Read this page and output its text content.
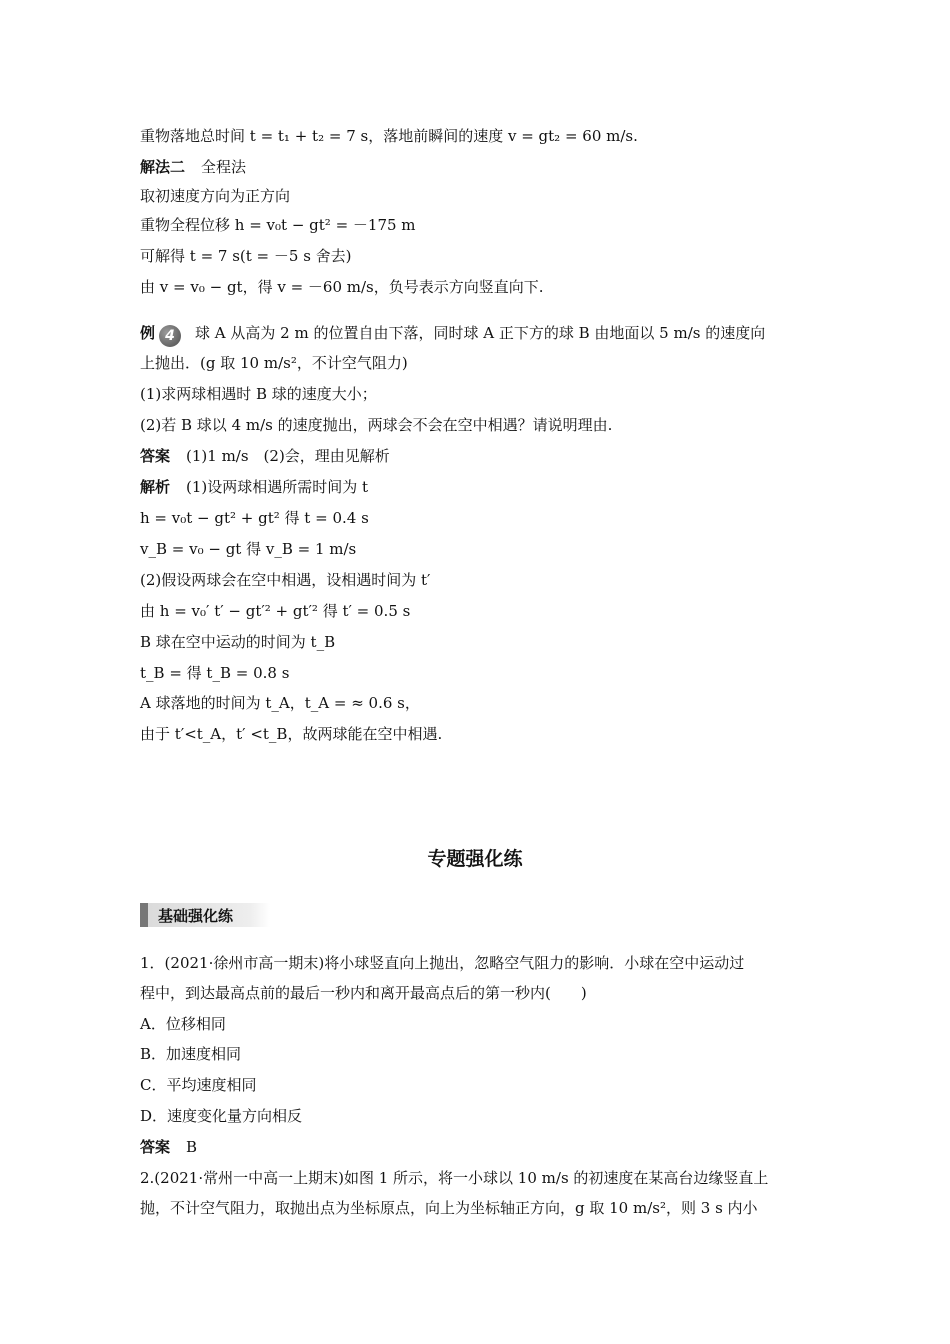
重物落地总时间 t = t₁ + t₂ = 7 s，落地前瞬间的速度 v = gt₂ = 60 m/s.
解法二 全程法
取初速度方向为正方向
重物全程位移 h = v₀t − gt² = －175 m
可解得 t = 7 s(t = －5 s 舍去)
由 v = v₀ − gt，得 v = －60 m/s，负号表示方向竖直向下.
例 4 球 A 从高为 2 m 的位置自由下落，同时球 A 正下方的球 B 由地面以 5 m/s 的速度向
上抛出．(g 取 10 m/s²，不计空气阻力)
(1)求两球相遇时 B 球的速度大小；
(2)若 B 球以 4 m/s 的速度抛出，两球会不会在空中相遇？请说明理由.
答案 (1)1 m/s　(2)会，理由见解析
解析 (1)设两球相遇所需时间为 t
h = v₀t − gt² + gt² 得 t = 0.4 s
v_B = v₀ − gt 得 v_B = 1 m/s
(2)假设两球会在空中相遇，设相遇时间为 t′
由 h = v₀′ t′ − gt′² + gt′² 得 t′ = 0.5 s
B 球在空中运动的时间为 t_B
t_B = 得 t_B = 0.8 s
A 球落地的时间为 t_A，t_A = ≈ 0.6 s，
由于 t′<t_A，t′ <t_B，故两球能在空中相遇.
专题强化练
基础强化练
1．(2021·徐州市高一期末)将小球竖直向上抛出，忽略空气阻力的影响．小球在空中运动过
程中，到达最高点前的最后一秒内和离开最高点后的第一秒内(　　)
A．位移相同
B．加速度相同
C．平均速度相同
D．速度变化量方向相反
答案 B
2.(2021·常州一中高一上期末)如图 1 所示，将一小球以 10 m/s 的初速度在某高台边缘竖直上
抛，不计空气阻力，取抛出点为坐标原点，向上为坐标轴正方向，g 取 10 m/s²，则 3 s 内小
